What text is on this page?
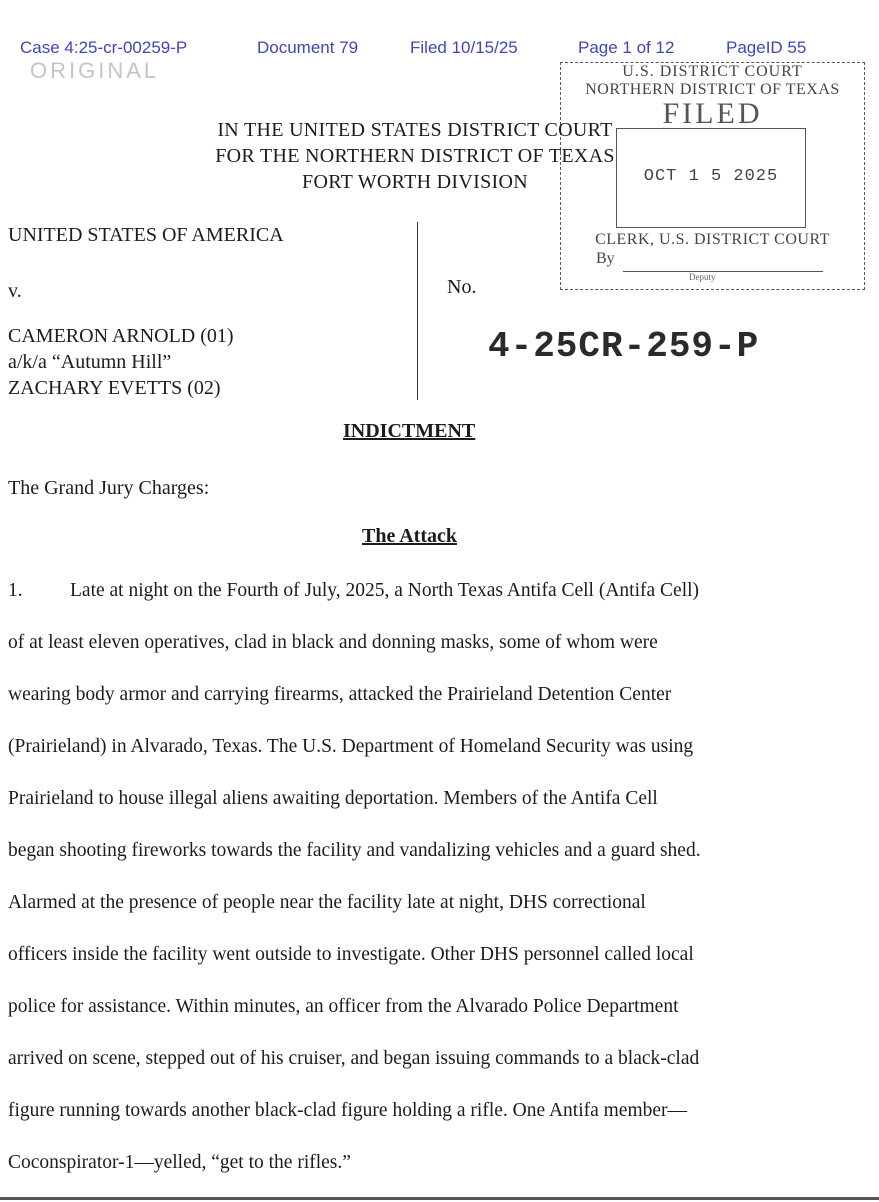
Case 4:25-cr-00259-P	Document 79	Filed 10/15/25	Page 1 of 12	PageID 55
ORIGINAL	U.S. DISTRICT COURT
NORTHERN DISTRICT OF TEXAS
FILED
OCT 1 5 2025
CLERK, U.S. DISTRICT COURT
By
Deputy
IN THE UNITED STATES DISTRICT COURT
FOR THE NORTHERN DISTRICT OF TEXAS
FORT WORTH DIVISION
UNITED STATES OF AMERICA
v.
CAMERON ARNOLD (01)
a/k/a “Autumn Hill”
ZACHARY EVETTS (02)
No.
4-25CR-259-P
INDICTMENT
The Grand Jury Charges:
The Attack
1. Late at night on the Fourth of July, 2025, a North Texas Antifa Cell (Antifa Cell)
of at least eleven operatives, clad in black and donning masks, some of whom were
wearing body armor and carrying firearms, attacked the Prairieland Detention Center
(Prairieland) in Alvarado, Texas. The U.S. Department of Homeland Security was using
Prairieland to house illegal aliens awaiting deportation. Members of the Antifa Cell
began shooting fireworks towards the facility and vandalizing vehicles and a guard shed.
Alarmed at the presence of people near the facility late at night, DHS correctional
officers inside the facility went outside to investigate. Other DHS personnel called local
police for assistance. Within minutes, an officer from the Alvarado Police Department
arrived on scene, stepped out of his cruiser, and began issuing commands to a black-clad
figure running towards another black-clad figure holding a rifle. One Antifa member—
Coconspirator-1—yelled, “get to the rifles.”
